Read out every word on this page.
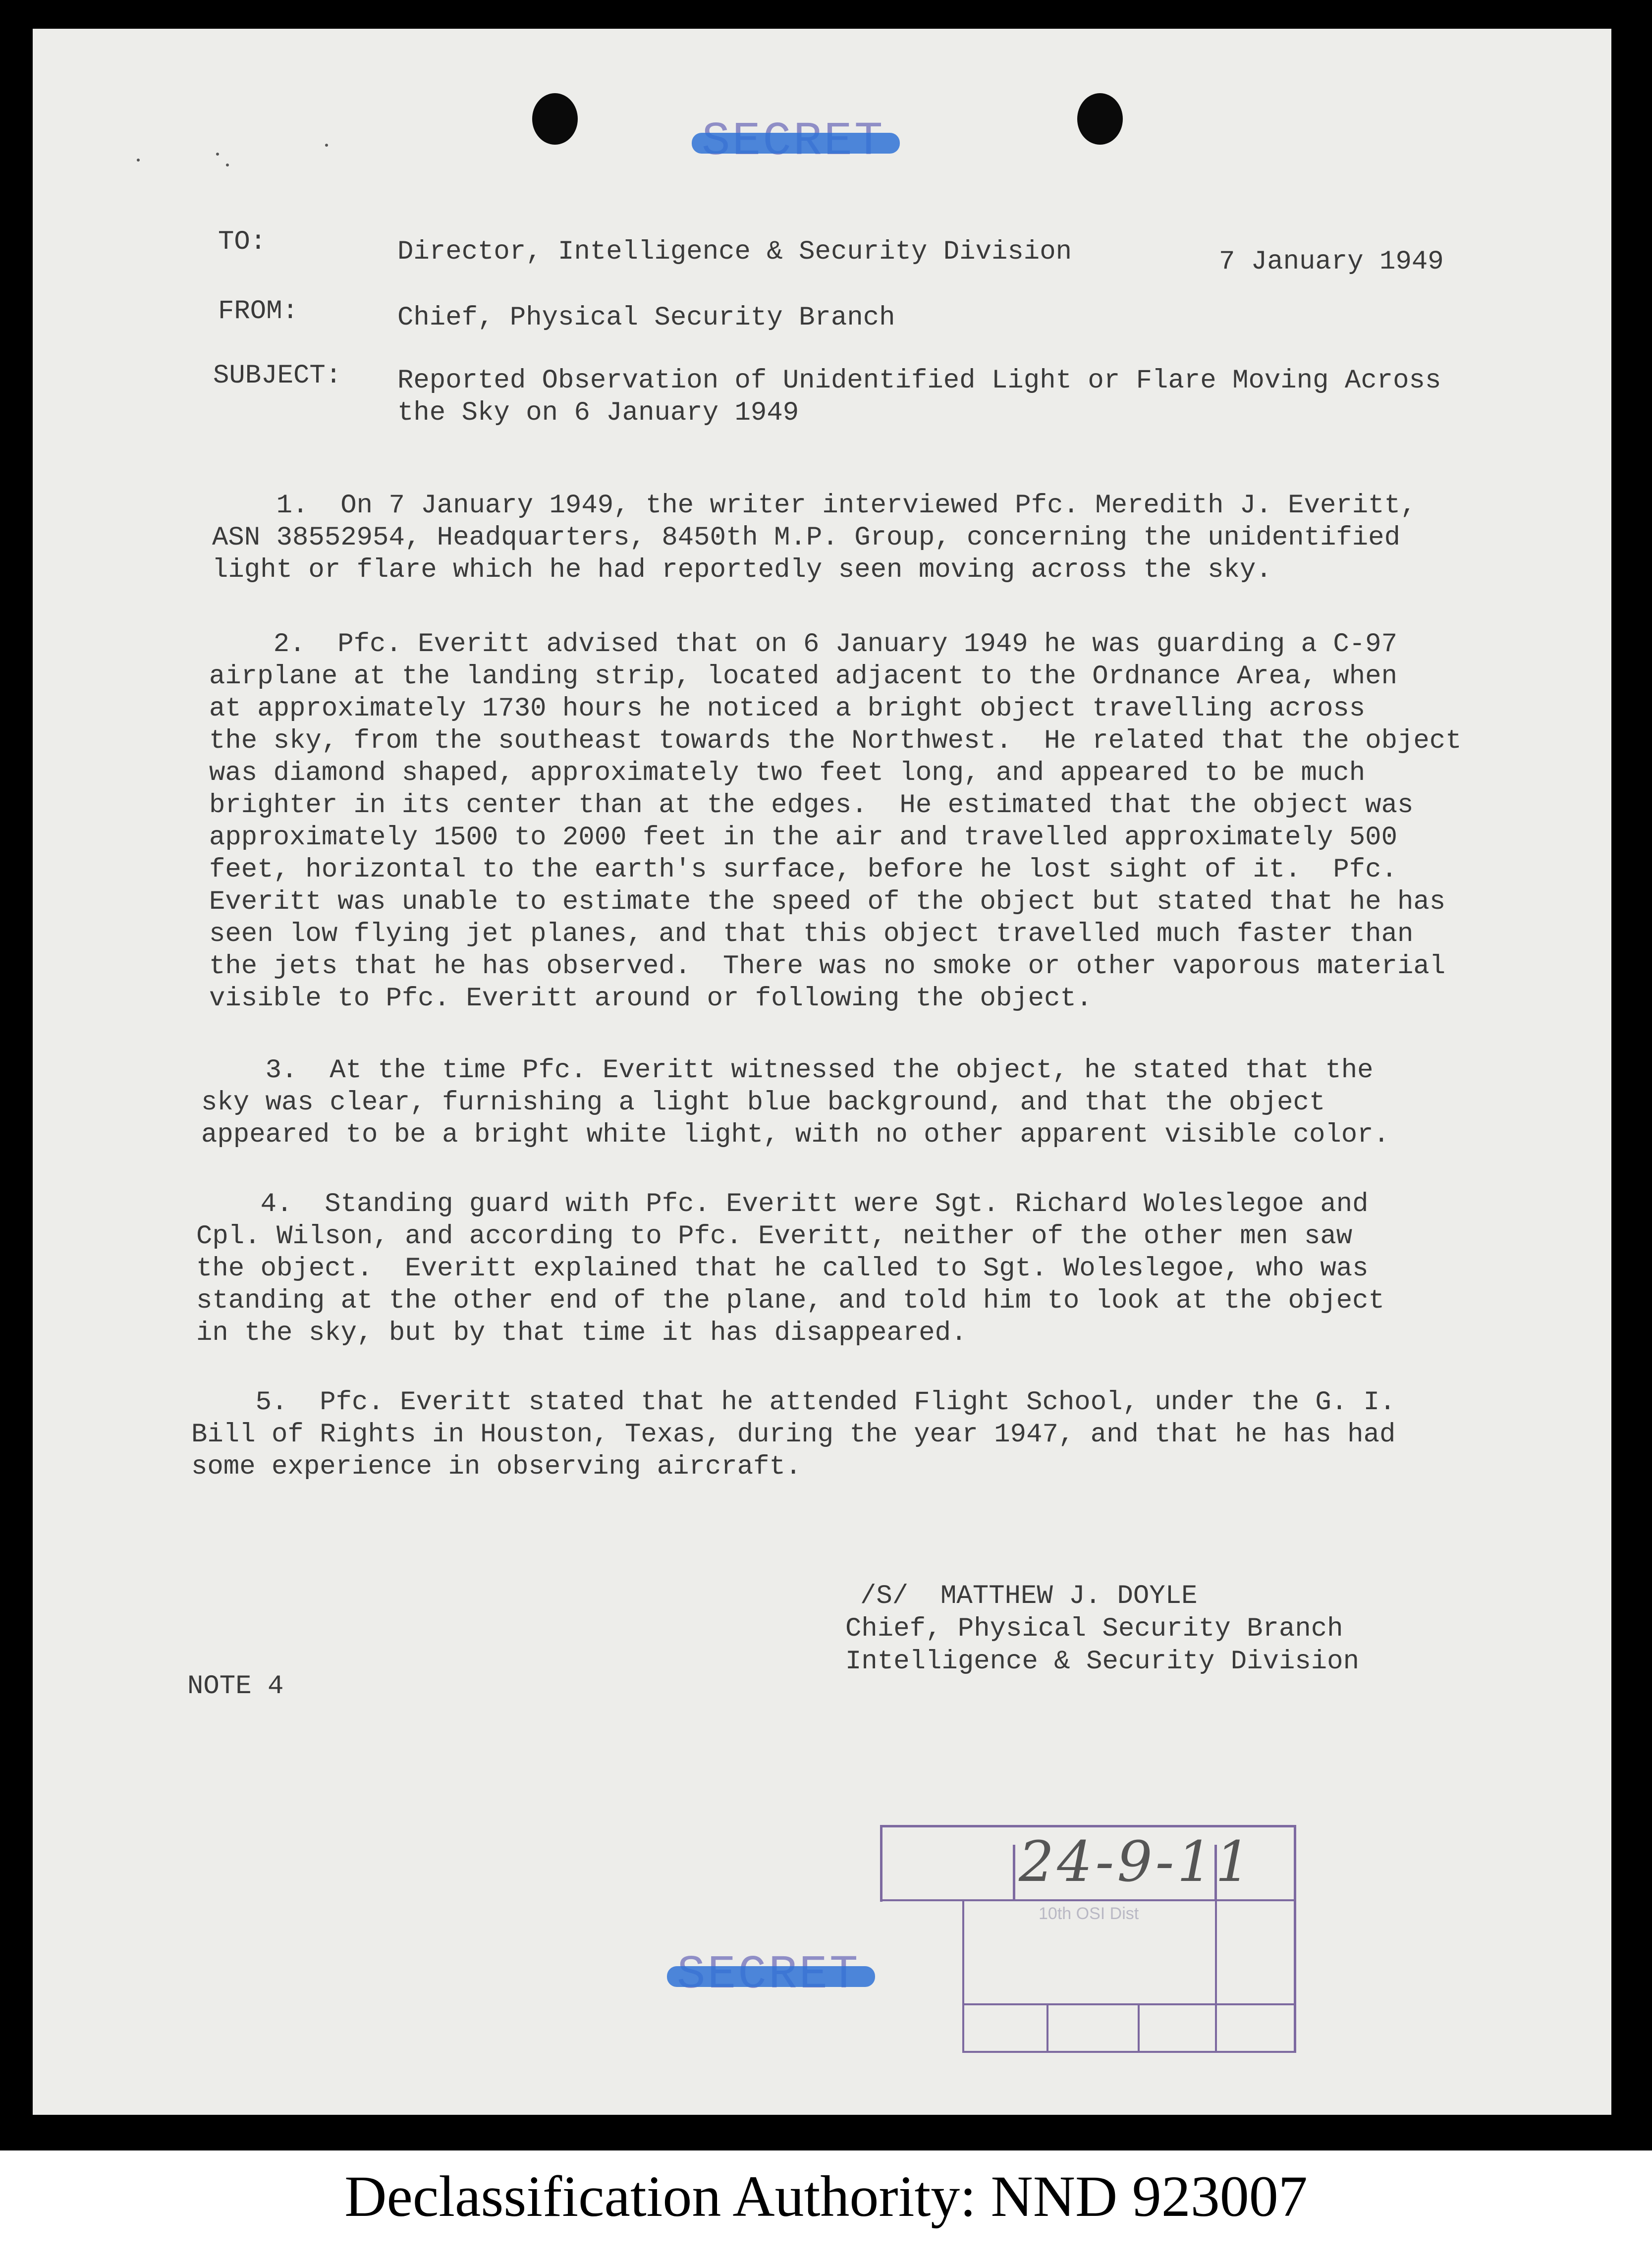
TO:	Director, Intelligence & Security Division	7 January 1949
FROM:	Chief, Physical Security Branch
SUBJECT: Reported Observation of Unidentified Light or Flare Moving Across
the Sky on 6 January 1949
1.  On 7 January 1949, the writer interviewed Pfc. Meredith J. Everitt,
ASN 38552954, Headquarters, 8450th M.P. Group, concerning the unidentified
light or flare which he had reportedly seen moving across the sky.
2.  Pfc. Everitt advised that on 6 January 1949 he was guarding a C-97
airplane at the landing strip, located adjacent to the Ordnance Area, when
at approximately 1730 hours he noticed a bright object travelling across
the sky, from the southeast towards the Northwest.  He related that the object
was diamond shaped, approximately two feet long, and appeared to be much
brighter in its center than at the edges.  He estimated that the object was
approximately 1500 to 2000 feet in the air and travelled approximately 500
feet, horizontal to the earth's surface, before he lost sight of it.  Pfc.
Everitt was unable to estimate the speed of the object but stated that he has
seen low flying jet planes, and that this object travelled much faster than
the jets that he has observed.  There was no smoke or other vaporous material
visible to Pfc. Everitt around or following the object.
3.  At the time Pfc. Everitt witnessed the object, he stated that the
sky was clear, furnishing a light blue background, and that the object
appeared to be a bright white light, with no other apparent visible color.
4.  Standing guard with Pfc. Everitt were Sgt. Richard Woleslegoe and
Cpl. Wilson, and according to Pfc. Everitt, neither of the other men saw
the object.  Everitt explained that he called to Sgt. Woleslegoe, who was
standing at the other end of the plane, and told him to look at the object
in the sky, but by that time it has disappeared.
5.  Pfc. Everitt stated that he attended Flight School, under the G. I.
Bill of Rights in Houston, Texas, during the year 1947, and that he has had
some experience in observing aircraft.
/S/  MATTHEW J. DOYLE
Chief, Physical Security Branch
Intelligence & Security Division
NOTE 4
24-9-11
10th OSI Dist
Declassification Authority: NND 923007
